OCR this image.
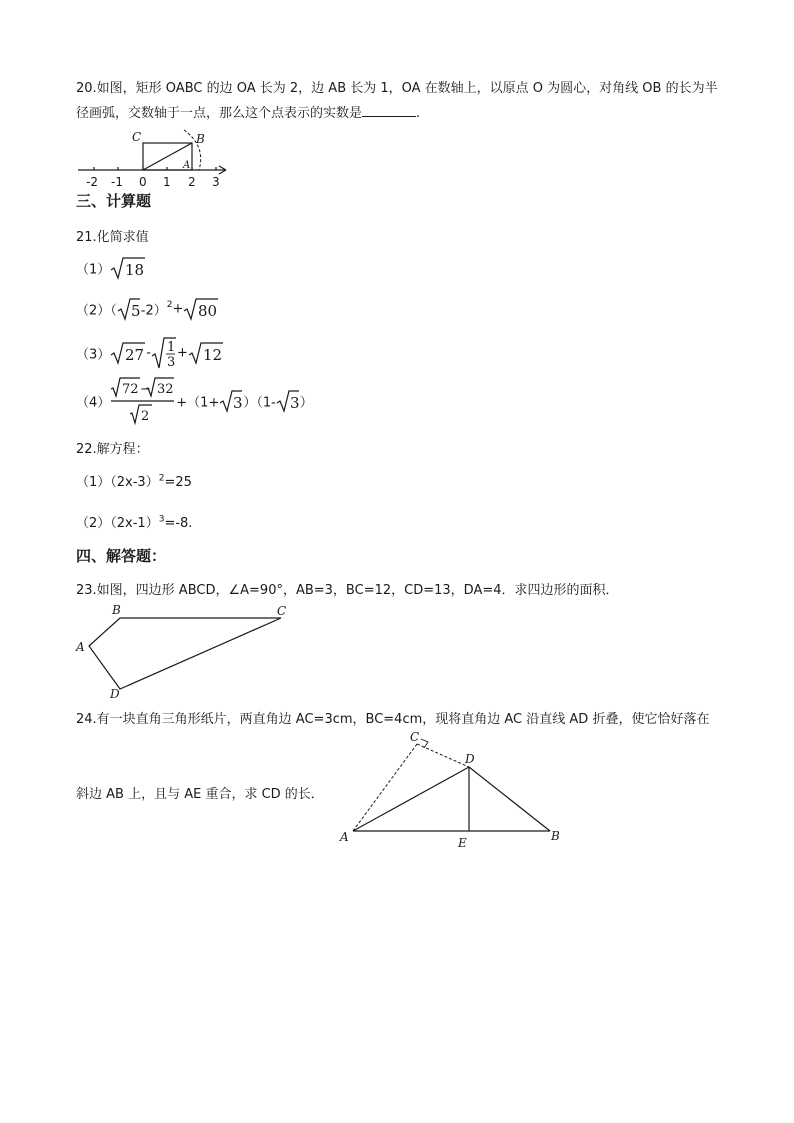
20.如图，矩形 OABC 的边 OA 长为 2，边 AB 长为 1，OA 在数轴上，以原点 O 为圆心，对角线 OB 的长为半
径画弧，交数轴于一点，那么这个点表示的实数是	.
C	B
A
-2 -1 0 1 2 3
三、计算题
21.化简求值
（1） 18
（2）（ 5 -2）$^2$+ 80
（3） 27 - 1
3
+ 12
（4）
72 − 32
2
+（1+ 3 ）（1- 3 ）
22.解方程：
$(1)(2x-3)^2=25$
$(2)(2x-1)^3=-8$.
四、解答题：
23.如图，四边形 ABCD，∠A=90°，AB=3，BC=12，CD=13，DA=4．求四边形的面积．
B	C
A
D
24.有一块直角三角形纸片，两直角边 AC=3cm，BC=4cm，现将直角边 AC 沿直线 AD 折叠，使它恰好落在
斜边 AB 上，且与 AE 重合，求 CD 的长．
C
D
A	E	B
